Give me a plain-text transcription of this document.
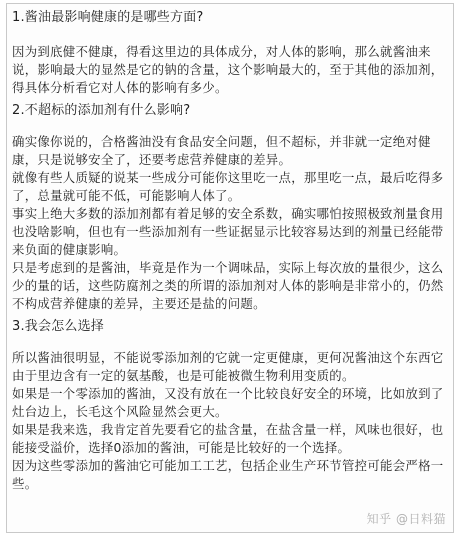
1.酱油最影响健康的是哪些方面?

因为到底健不健康，得看这里边的具体成分，对人体的影响，那么就酱油来说，影响最大的显然是它的钠的含量，这个影响最大的，至于其他的添加剂，得具体分析看它对人体的影响有多少。

2.不超标的添加剂有什么影响?

确实像你说的，合格酱油没有食品安全问题，但不超标，并非就一定绝对健康，只是说够安全了，还要考虑营养健康的差异。

就像有些人质疑的说某一些成分可能你这里吃一点，那里吃一点，最后吃得多了，总量就可能不低，可能影响人体了。

事实上绝大多数的添加剂都有着足够的安全系数，确实哪怕按照极致剂量食用也没啥影响，但也有一些添加剂有一些证据显示比较容易达到的剂量已经能带来负面的健康影响。

只是考虑到的是酱油，毕竟是作为一个调味品，实际上每次放的量很少，这么少的量的话，这些防腐剂之类的所谓的添加剂对人体的影响是非常小的，仍然不构成营养健康的差异，主要还是盐的问题。

3.我会怎么选择

所以酱油很明显，不能说零添加剂的它就一定更健康，更何况酱油这个东西它由于里边含有一定的氨基酸，也是可能被微生物利用变质的。

如果是一个零添加的酱油，又没有放在一个比较良好安全的环境，比如放到了灶台边上，长毛这个风险显然会更大。

如果是我来选，我肯定首先要看它的盐含量，在盐含量一样，风味也很好，也能接受溢价，选择0添加的酱油，可能是比较好的一个选择。

因为这些零添加的酱油它可能加工工艺，包括企业生产环节管控可能会严格一些。

知乎 @日料猫
